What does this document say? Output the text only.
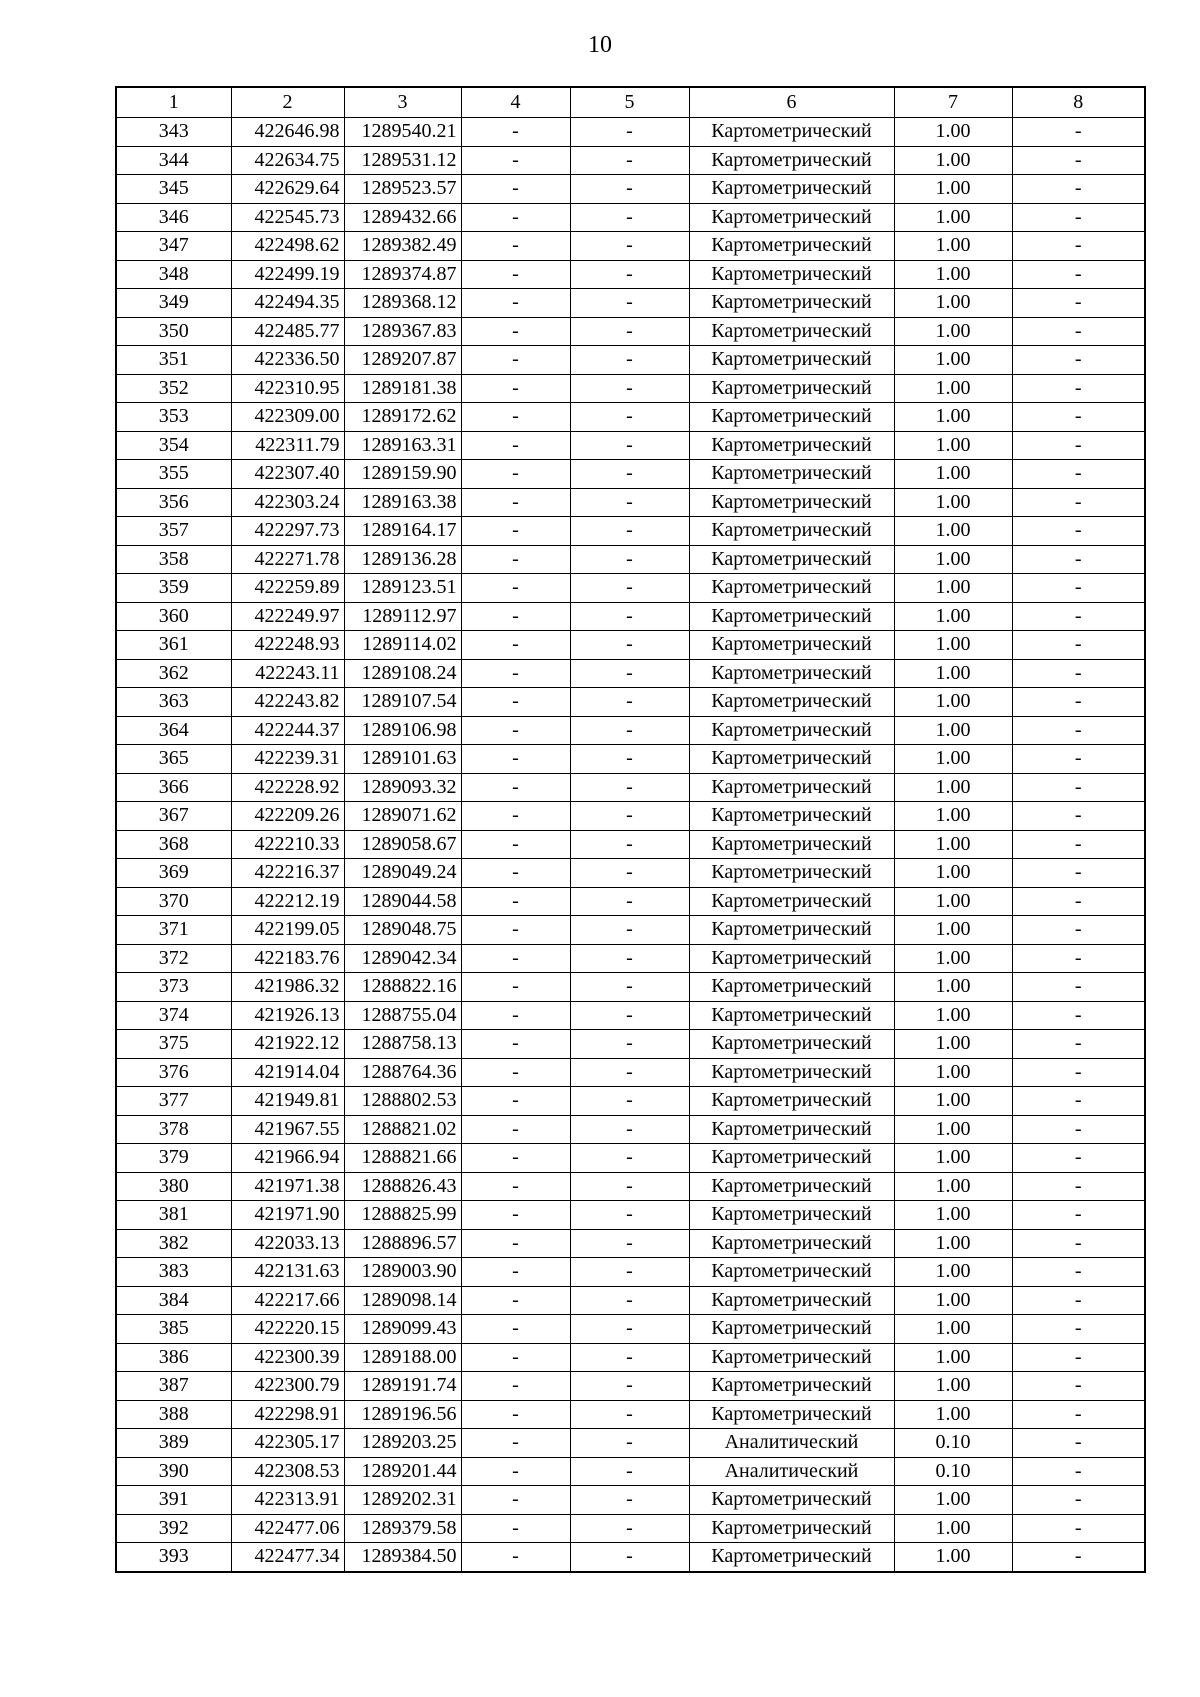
10
1	2	3	4	5	6	7	8
343	422646.98	1289540.21	-	-	Картометрический	1.00	-
344	422634.75	1289531.12	-	-	Картометрический	1.00	-
345	422629.64	1289523.57	-	-	Картометрический	1.00	-
346	422545.73	1289432.66	-	-	Картометрический	1.00	-
347	422498.62	1289382.49	-	-	Картометрический	1.00	-
348	422499.19	1289374.87	-	-	Картометрический	1.00	-
349	422494.35	1289368.12	-	-	Картометрический	1.00	-
350	422485.77	1289367.83	-	-	Картометрический	1.00	-
351	422336.50	1289207.87	-	-	Картометрический	1.00	-
352	422310.95	1289181.38	-	-	Картометрический	1.00	-
353	422309.00	1289172.62	-	-	Картометрический	1.00	-
354	422311.79	1289163.31	-	-	Картометрический	1.00	-
355	422307.40	1289159.90	-	-	Картометрический	1.00	-
356	422303.24	1289163.38	-	-	Картометрический	1.00	-
357	422297.73	1289164.17	-	-	Картометрический	1.00	-
358	422271.78	1289136.28	-	-	Картометрический	1.00	-
359	422259.89	1289123.51	-	-	Картометрический	1.00	-
360	422249.97	1289112.97	-	-	Картометрический	1.00	-
361	422248.93	1289114.02	-	-	Картометрический	1.00	-
362	422243.11	1289108.24	-	-	Картометрический	1.00	-
363	422243.82	1289107.54	-	-	Картометрический	1.00	-
364	422244.37	1289106.98	-	-	Картометрический	1.00	-
365	422239.31	1289101.63	-	-	Картометрический	1.00	-
366	422228.92	1289093.32	-	-	Картометрический	1.00	-
367	422209.26	1289071.62	-	-	Картометрический	1.00	-
368	422210.33	1289058.67	-	-	Картометрический	1.00	-
369	422216.37	1289049.24	-	-	Картометрический	1.00	-
370	422212.19	1289044.58	-	-	Картометрический	1.00	-
371	422199.05	1289048.75	-	-	Картометрический	1.00	-
372	422183.76	1289042.34	-	-	Картометрический	1.00	-
373	421986.32	1288822.16	-	-	Картометрический	1.00	-
374	421926.13	1288755.04	-	-	Картометрический	1.00	-
375	421922.12	1288758.13	-	-	Картометрический	1.00	-
376	421914.04	1288764.36	-	-	Картометрический	1.00	-
377	421949.81	1288802.53	-	-	Картометрический	1.00	-
378	421967.55	1288821.02	-	-	Картометрический	1.00	-
379	421966.94	1288821.66	-	-	Картометрический	1.00	-
380	421971.38	1288826.43	-	-	Картометрический	1.00	-
381	421971.90	1288825.99	-	-	Картометрический	1.00	-
382	422033.13	1288896.57	-	-	Картометрический	1.00	-
383	422131.63	1289003.90	-	-	Картометрический	1.00	-
384	422217.66	1289098.14	-	-	Картометрический	1.00	-
385	422220.15	1289099.43	-	-	Картометрический	1.00	-
386	422300.39	1289188.00	-	-	Картометрический	1.00	-
387	422300.79	1289191.74	-	-	Картометрический	1.00	-
388	422298.91	1289196.56	-	-	Картометрический	1.00	-
389	422305.17	1289203.25	-	-	Аналитический	0.10	-
390	422308.53	1289201.44	-	-	Аналитический	0.10	-
391	422313.91	1289202.31	-	-	Картометрический	1.00	-
392	422477.06	1289379.58	-	-	Картометрический	1.00	-
393	422477.34	1289384.50	-	-	Картометрический	1.00	-
